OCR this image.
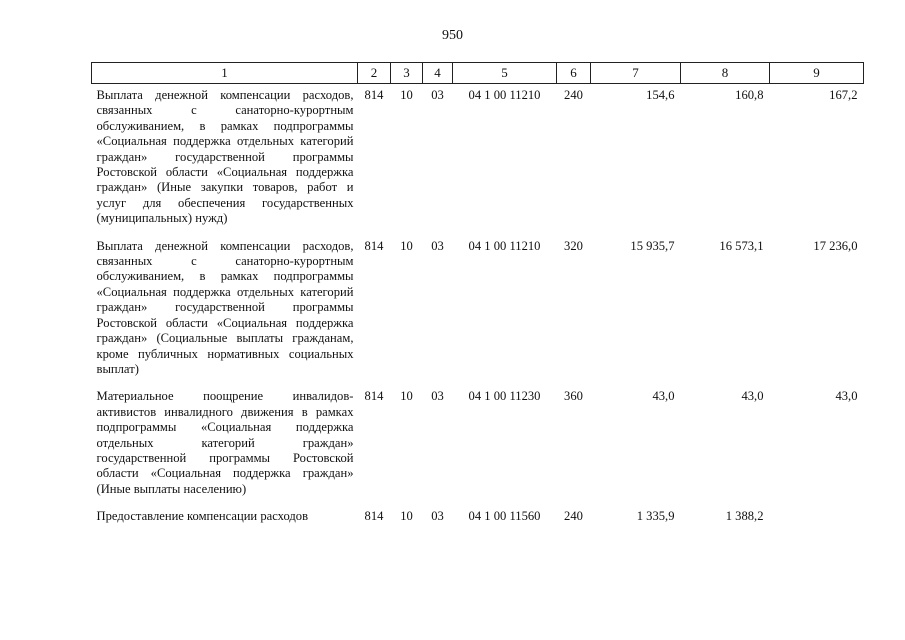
950
1	2	3	4	5	6	7	8	9
Выплата денежной компенсации расходов, связанных с санаторно-курортным обслуживанием, в рамках подпрограммы «Социальная поддержка отдельных категорий граждан» государственной программы Ростовской области «Социальная поддержка граждан» (Иные закупки товаров, работ и услуг для обеспечения государственных (муниципальных) нужд)	814	10	03	04 1 00 11210	240	154,6	160,8	167,2
Выплата денежной компенсации расходов, связанных с санаторно-курортным обслуживанием, в рамках подпрограммы «Социальная поддержка отдельных категорий граждан» государственной программы Ростовской области «Социальная поддержка граждан» (Социальные выплаты гражданам, кроме публичных нормативных социальных выплат)	814	10	03	04 1 00 11210	320	15 935,7	16 573,1	17 236,0
Материальное поощрение инвалидов-активистов инвалидного движения в рамках подпрограммы «Социальная поддержка отдельных категорий граждан» государственной программы Ростовской области «Социальная поддержка граждан» (Иные выплаты населению)	814	10	03	04 1 00 11230	360	43,0	43,0	43,0
Предоставление компенсации расходов	814	10	03	04 1 00 11560	240	1 335,9	1 388,2	
